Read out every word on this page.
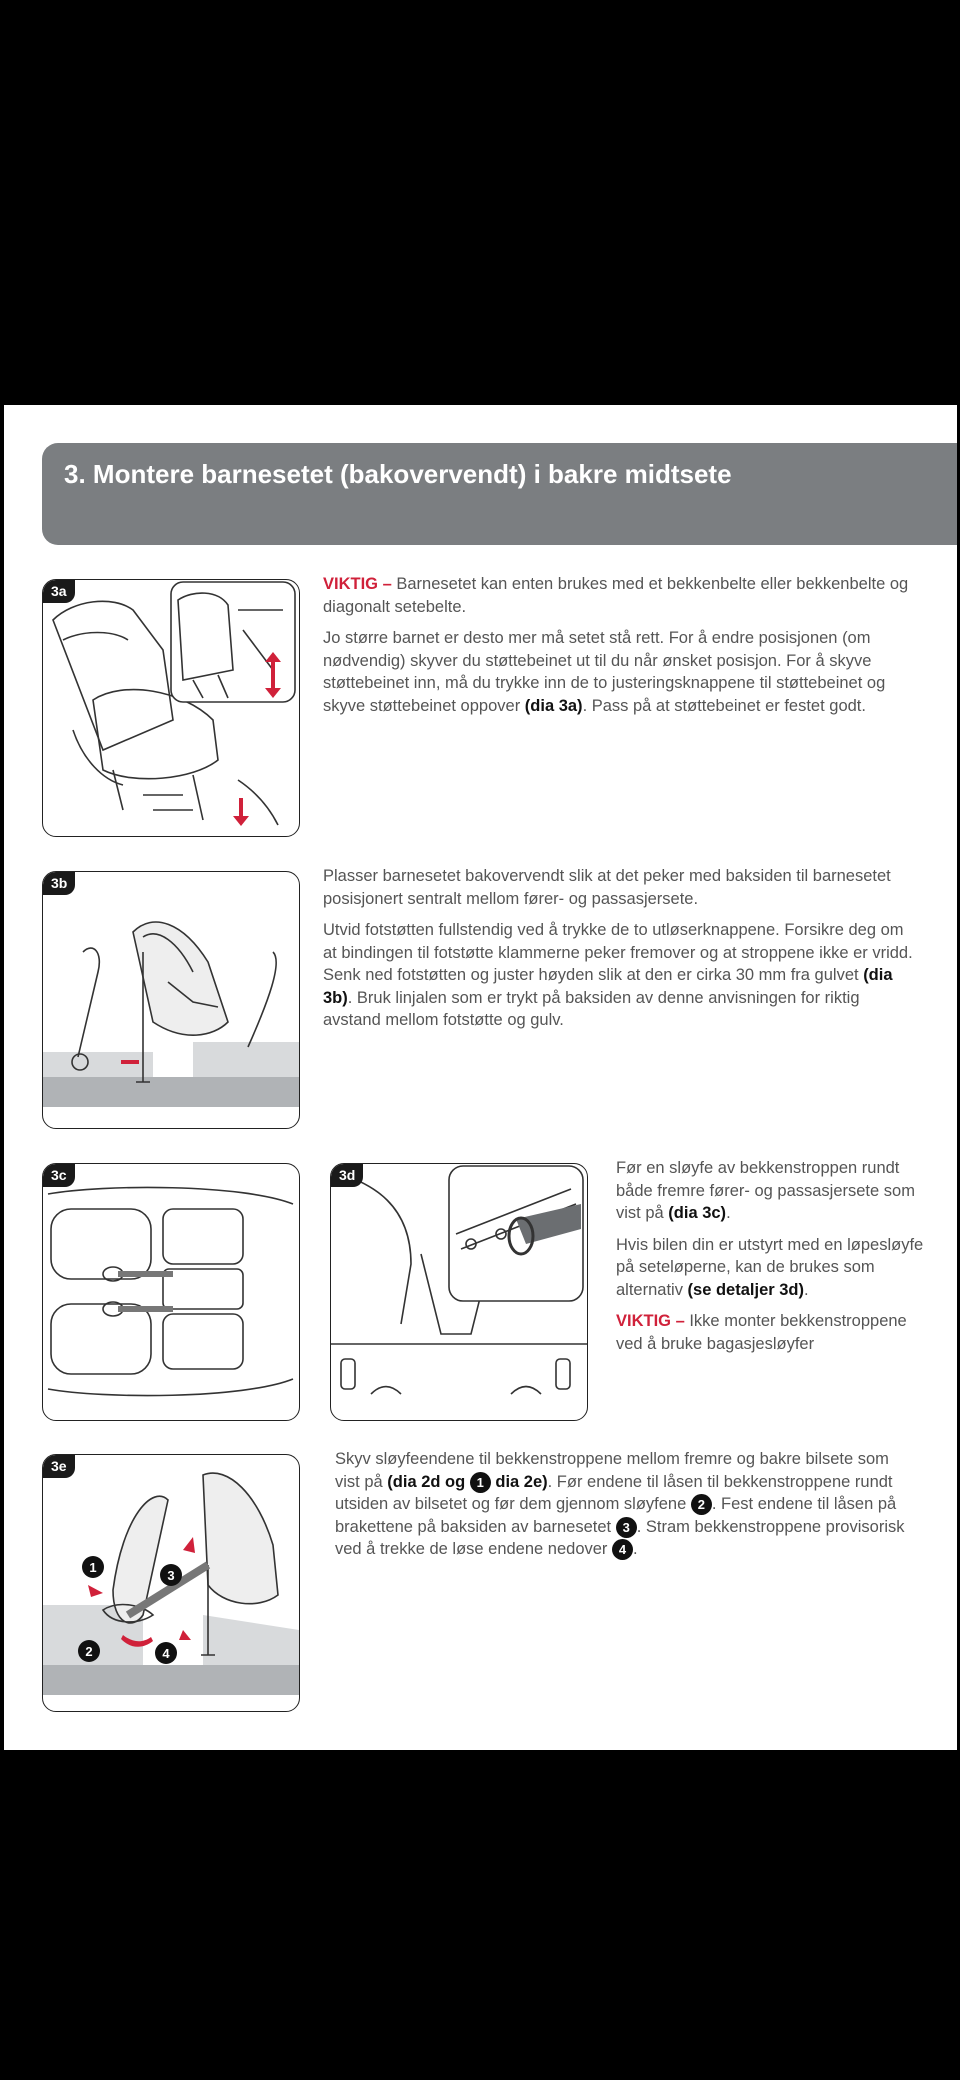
3. Montere barnesetet (bakovervendt) i bakre midtsete
3a	VIKTIG – Barnesetet kan enten brukes med et bekkenbelte eller bekkenbelte og diagonalt setebelte.

Jo større barnet er desto mer må setet stå rett. For å endre posisjonen (om nødvendig) skyver du støttebeinet ut til du når ønsket posisjon. For å skyve støttebeinet inn, må du trykke inn de to justeringsknappene til støttebeinet og skyve støttebeinet oppover (dia 3a). Pass på at støttebeinet er festet godt.

3b	Plasser barnesetet bakovervendt slik at det peker med baksiden til barnesetet posisjonert sentralt mellom fører- og passasjersete.

Utvid fotstøtten fullstendig ved å trykke de to utløserknappene. Forsikre deg om at bindingen til fotstøtte klammerne peker fremover og at stroppene ikke er vridd. Senk ned fotstøtten og juster høyden slik at den er cirka 30 mm fra gulvet (dia 3b). Bruk linjalen som er trykt på baksiden av denne anvisningen for riktig avstand mellom fotstøtte og gulv.

3c	3d	Før en sløyfe av bekkenstroppen rundt både fremre fører- og passasjersete som vist på (dia 3c).

Hvis bilen din er utstyrt med en løpesløyfe på seteløperne, kan de brukes som alternativ (se detaljer 3d).

VIKTIG – Ikke monter bekkenstroppene ved å bruke bagasjesløyfer

1
3
2	4
3e	Skyv sløyfeendene til bekkenstroppene mellom fremre og bakre bilsete som vist på (dia 2d og 1 dia 2e). Før endene til låsen til bekkenstroppene rundt utsiden av bilsetet og før dem gjennom sløyfene 2 . Fest endene til låsen på brakettene på baksiden av barnesetet 3 . Stram bekkenstroppene provisorisk ved å trekke de løse endene nedover 4 .
